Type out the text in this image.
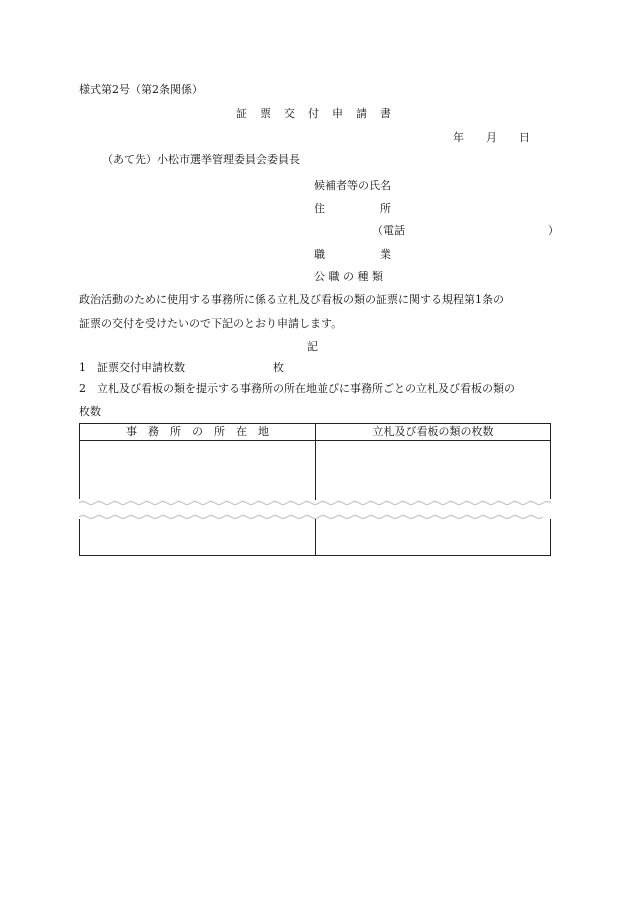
様式第2号（第2条関係）
証　票　交　付　申　請　書
年　　月　　日
（あて先）小松市選挙管理委員会委員長
候補者等の氏名
住　　　　　所
（電話　　　　　　　　　　　　　）
職　　　　　業
公 職 の 種 類
政治活動のために使用する事務所に係る立札及び看板の類の証票に関する規程第1条の
証票の交付を受けたいので下記のとおり申請します。
記
1　証票交付申請枚数　　　　　　　　枚
2　立札及び看板の類を提示する事務所の所在地並びに事務所ごとの立札及び看板の類の
枚数
事　務　所　の　所　在　地	立札及び看板の類の枚数
